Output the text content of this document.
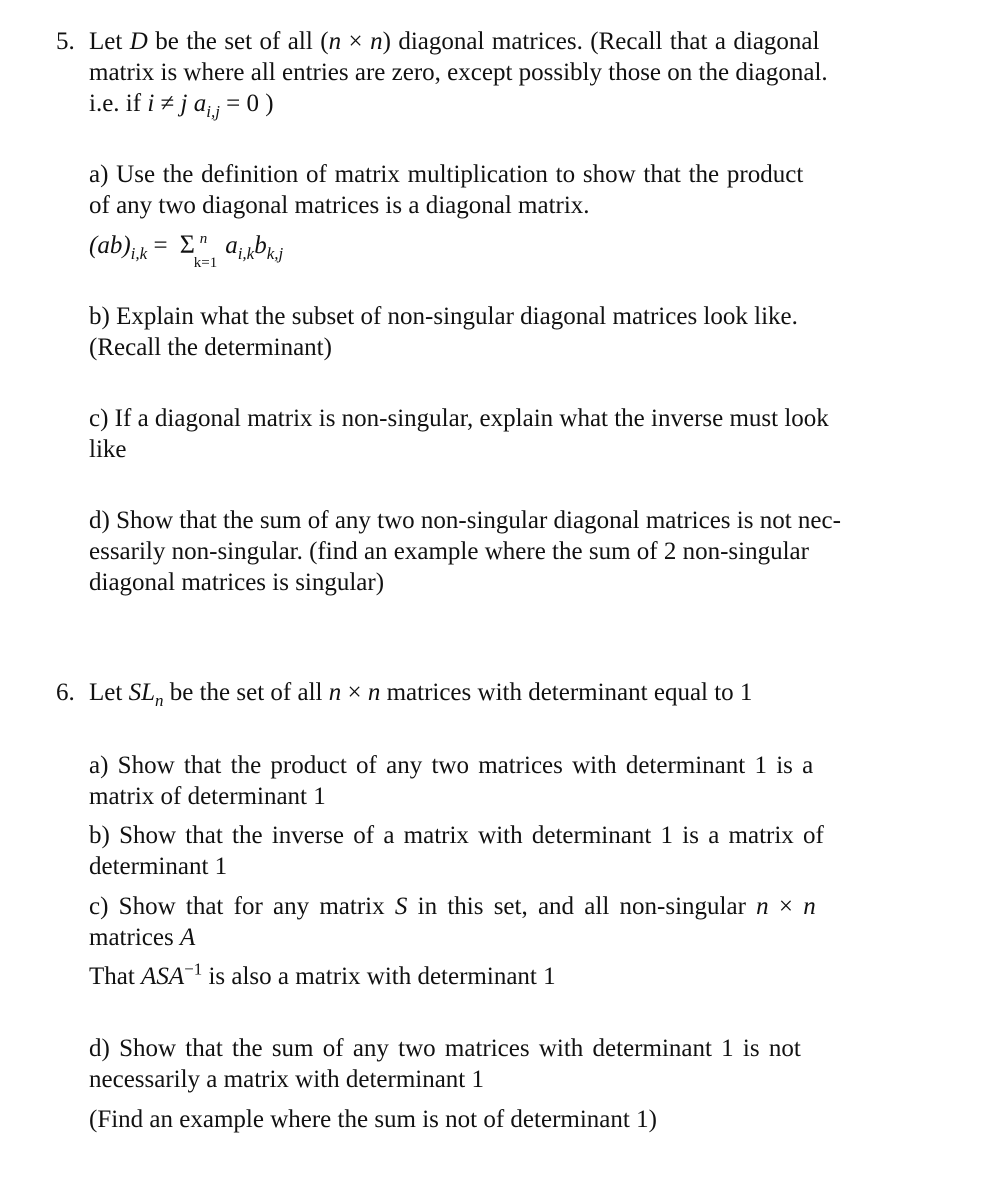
5. Let D be the set of all (n × n) diagonal matrices. (Recall that a diagonal
matrix is where all entries are zero, except possibly those on the diagonal.
i.e. if i ≠ j $a_{i,j} = 0$ )
a) Use the definition of matrix multiplication to show that the product
of any two diagonal matrices is a diagonal matrix.
$(ab)_{i,k} = \Sigma$ n
k=1
$a_{i,k}b_{k,j}$
b) Explain what the subset of non-singular diagonal matrices look like.
(Recall the determinant)
c) If a diagonal matrix is non-singular, explain what the inverse must look
like
d) Show that the sum of any two non-singular diagonal matrices is not nec-
essarily non-singular. (find an example where the sum of 2 non-singular
diagonal matrices is singular)
6. Let $SL_n$ be the set of all n × n matrices with determinant equal to 1
a) Show that the product of any two matrices with determinant 1 is a
matrix of determinant 1
b) Show that the inverse of a matrix with determinant 1 is a matrix of
determinant 1
c) Show that for any matrix S in this set, and all non-singular n × n
matrices A
That $ASA^{-1}$ is also a matrix with determinant 1
d) Show that the sum of any two matrices with determinant 1 is not
necessarily a matrix with determinant 1
(Find an example where the sum is not of determinant 1)
